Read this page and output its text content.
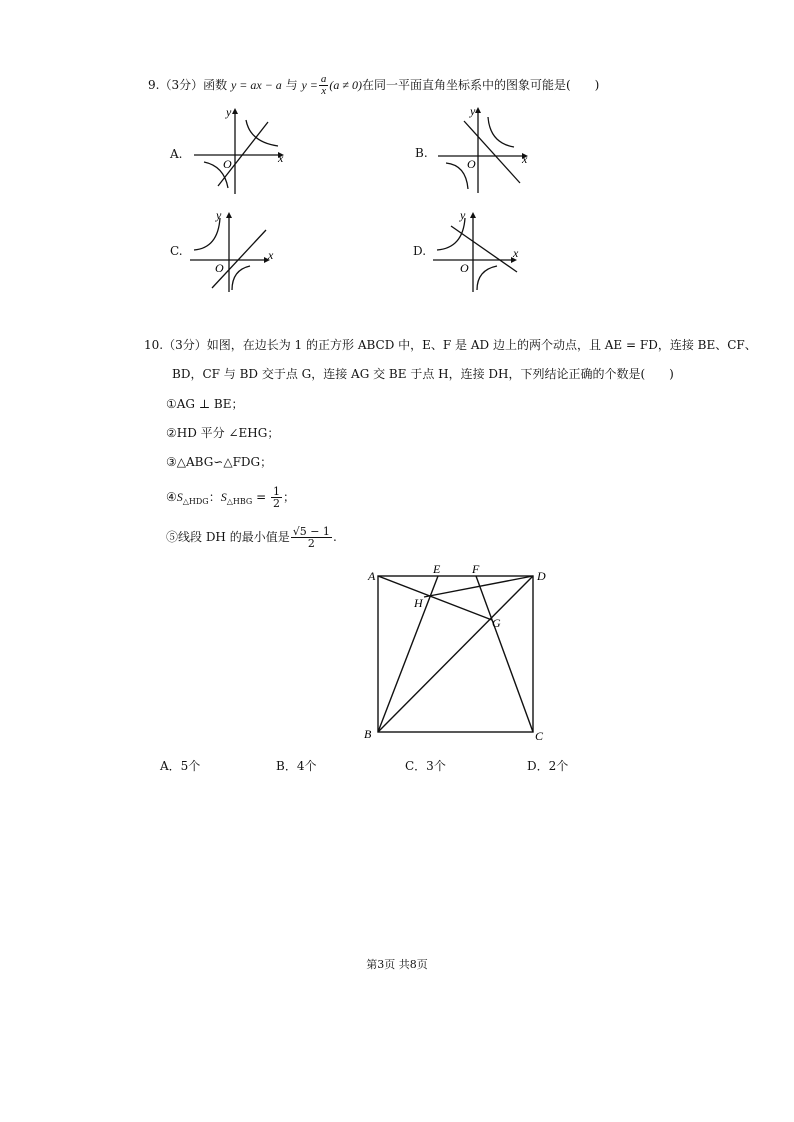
9.（3分）函数 y = ax − a 与 $y = \frac{a}{x} (a \ne 0)$在同一平面直角坐标系中的图象可能是(　　)
A.	B.
C.	D.
y
x
O
y
x
O
y
x
O
y
x
O
10.（3分）如图，在边长为 1 的正方形 ABCD 中，E、F 是 AD 边上的两个动点，且 AE = FD，连接 BE、CF、
BD，CF 与 BD 交于点 G，连接 AG 交 BE 于点 H，连接 DH，下列结论正确的个数是(　　)
①AG ⊥ BE；
②HD 平分 ∠EHG；
③△ABG∽△FDG；
$④S_{\triangle HDG}$：$S_{\triangle HBG} = \frac{1}{2}$ ；
⑤线段 DH 的最小值是 $\frac{√5 - 1}{2}$ .
A
B	C
D
E	F
G
H
A．5个	B．4个	C．3个	D．2个
第3页 共8页
